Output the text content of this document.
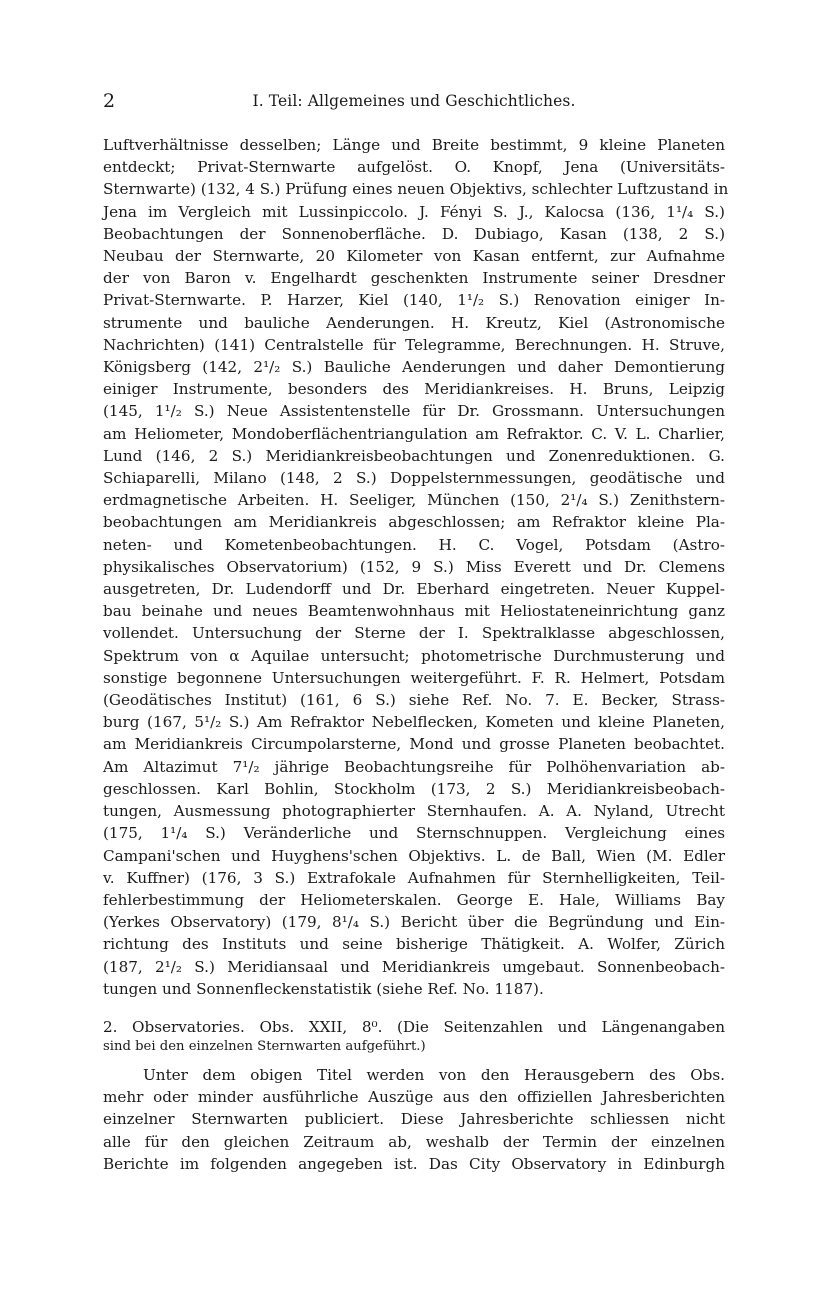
2	I. Teil: Allgemeines und Geschichtliches.
Luftverhältnisse desselben; Länge und Breite bestimmt, 9 kleine Planeten
entdeckt; Privat-Sternwarte aufgelöst. O. Knopf, Jena (Universitäts-
Sternwarte) (132, 4 S.) Prüfung eines neuen Objektivs, schlechter Luftzustand in
Jena im Vergleich mit Lussinpiccolo. J. Fényi S. J., Kalocsa (136, 1¹/₄ S.)
Beobachtungen der Sonnenoberfläche. D. Dubiago, Kasan (138, 2 S.)
Neubau der Sternwarte, 20 Kilometer von Kasan entfernt, zur Aufnahme
der von Baron v. Engelhardt geschenkten Instrumente seiner Dresdner
Privat-Sternwarte. P. Harzer, Kiel (140, 1¹/₂ S.) Renovation einiger In-
strumente und bauliche Aenderungen. H. Kreutz, Kiel (Astronomische
Nachrichten) (141) Centralstelle für Telegramme, Berechnungen. H. Struve,
Königsberg (142, 2¹/₂ S.) Bauliche Aenderungen und daher Demontierung
einiger Instrumente, besonders des Meridiankreises. H. Bruns, Leipzig
(145, 1¹/₂ S.) Neue Assistentenstelle für Dr. Grossmann. Untersuchungen
am Heliometer, Mondoberflächentriangulation am Refraktor. C. V. L. Charlier,
Lund (146, 2 S.) Meridiankreisbeobachtungen und Zonenreduktionen. G.
Schiaparelli, Milano (148, 2 S.) Doppelsternmessungen, geodätische und
erdmagnetische Arbeiten. H. Seeliger, München (150, 2¹/₄ S.) Zenithstern-
beobachtungen am Meridiankreis abgeschlossen; am Refraktor kleine Pla-
neten- und Kometenbeobachtungen. H. C. Vogel, Potsdam (Astro-
physikalisches Observatorium) (152, 9 S.) Miss Everett und Dr. Clemens
ausgetreten, Dr. Ludendorff und Dr. Eberhard eingetreten. Neuer Kuppel-
bau beinahe und neues Beamtenwohnhaus mit Heliostateneinrichtung ganz
vollendet. Untersuchung der Sterne der I. Spektralklasse abgeschlossen,
Spektrum von α Aquilae untersucht; photometrische Durchmusterung und
sonstige begonnene Untersuchungen weitergeführt. F. R. Helmert, Potsdam
(Geodätisches Institut) (161, 6 S.) siehe Ref. No. 7. E. Becker, Strass-
burg (167, 5¹/₂ S.) Am Refraktor Nebelflecken, Kometen und kleine Planeten,
am Meridiankreis Circumpolarsterne, Mond und grosse Planeten beobachtet.
Am Altazimut 7¹/₂ jährige Beobachtungsreihe für Polhöhenvariation ab-
geschlossen. Karl Bohlin, Stockholm (173, 2 S.) Meridiankreisbeobach-
tungen, Ausmessung photographierter Sternhaufen. A. A. Nyland, Utrecht
(175, 1¹/₄ S.) Veränderliche und Sternschnuppen. Vergleichung eines
Campani'schen und Huyghens'schen Objektivs. L. de Ball, Wien (M. Edler
v. Kuffner) (176, 3 S.) Extrafokale Aufnahmen für Sternhelligkeiten, Teil-
fehlerbestimmung der Heliometerskalen. George E. Hale, Williams Bay
(Yerkes Observatory) (179, 8¹/₄ S.) Bericht über die Begründung und Ein-
richtung des Instituts und seine bisherige Thätigkeit. A. Wolfer, Zürich
(187, 2¹/₂ S.) Meridiansaal und Meridiankreis umgebaut. Sonnenbeobach-
tungen und Sonnenfleckenstatistik (siehe Ref. No. 1187).
2. Observatories. Obs. XXII, 8⁰. (Die Seitenzahlen und Längenangaben
sind bei den einzelnen Sternwarten aufgeführt.)
Unter dem obigen Titel werden von den Herausgebern des Obs.
mehr oder minder ausführliche Auszüge aus den offiziellen Jahresberichten
einzelner Sternwarten publiciert. Diese Jahresberichte schliessen nicht
alle für den gleichen Zeitraum ab, weshalb der Termin der einzelnen
Berichte im folgenden angegeben ist. Das City Observatory in Edinburgh
